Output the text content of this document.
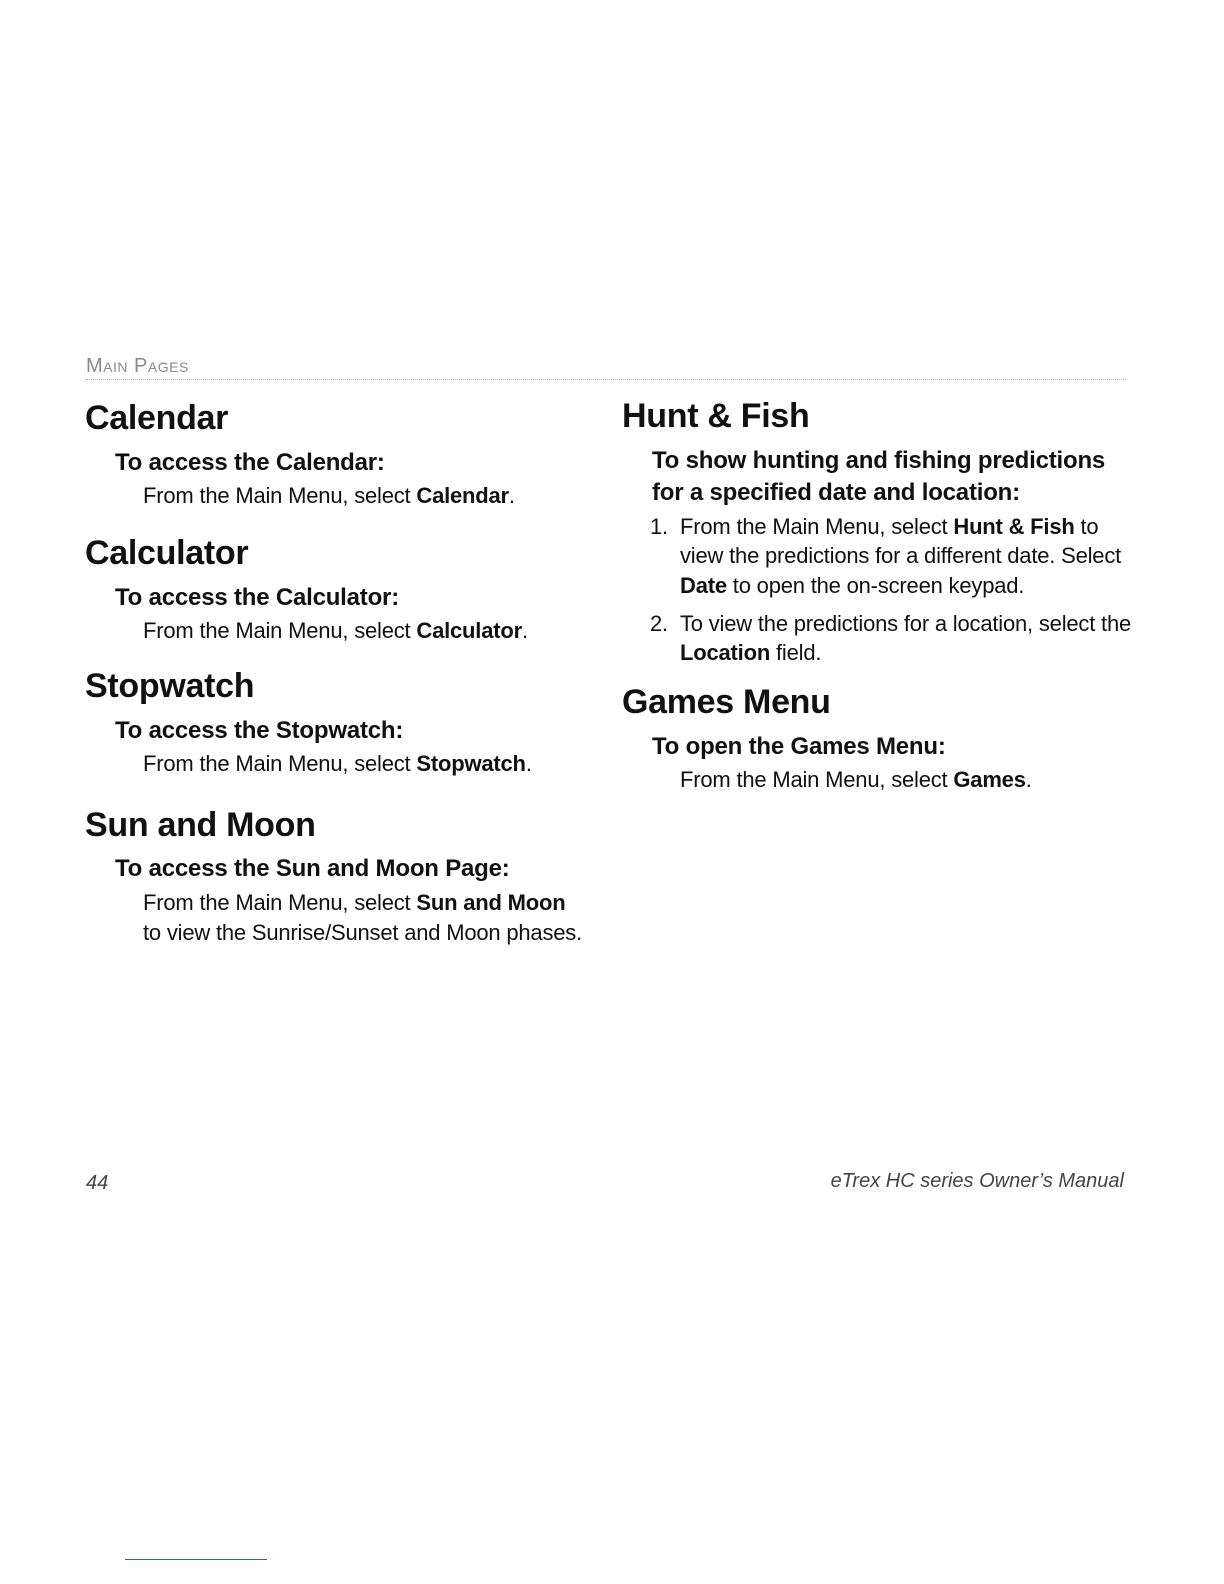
Main Pages
Calendar
To access the Calendar:

From the Main Menu, select Calendar.

Calculator
To access the Calculator:

From the Main Menu, select Calculator.

Stopwatch
To access the Stopwatch:

From the Main Menu, select Stopwatch.

Sun and Moon
To access the Sun and Moon Page:

From the Main Menu, select Sun and Moon to view the Sunrise/Sunset and Moon phases.

Hunt & Fish
To show hunting and fishing predictions for a specified date and location:
1. From the Main Menu, select Hunt & Fish to view the predictions for a different date. Select Date to open the on-screen keypad.
2. To view the predictions for a location, select the Location field.
Games Menu
To open the Games Menu:

From the Main Menu, select Games.

44	eTrex HC series Owner’s Manual
